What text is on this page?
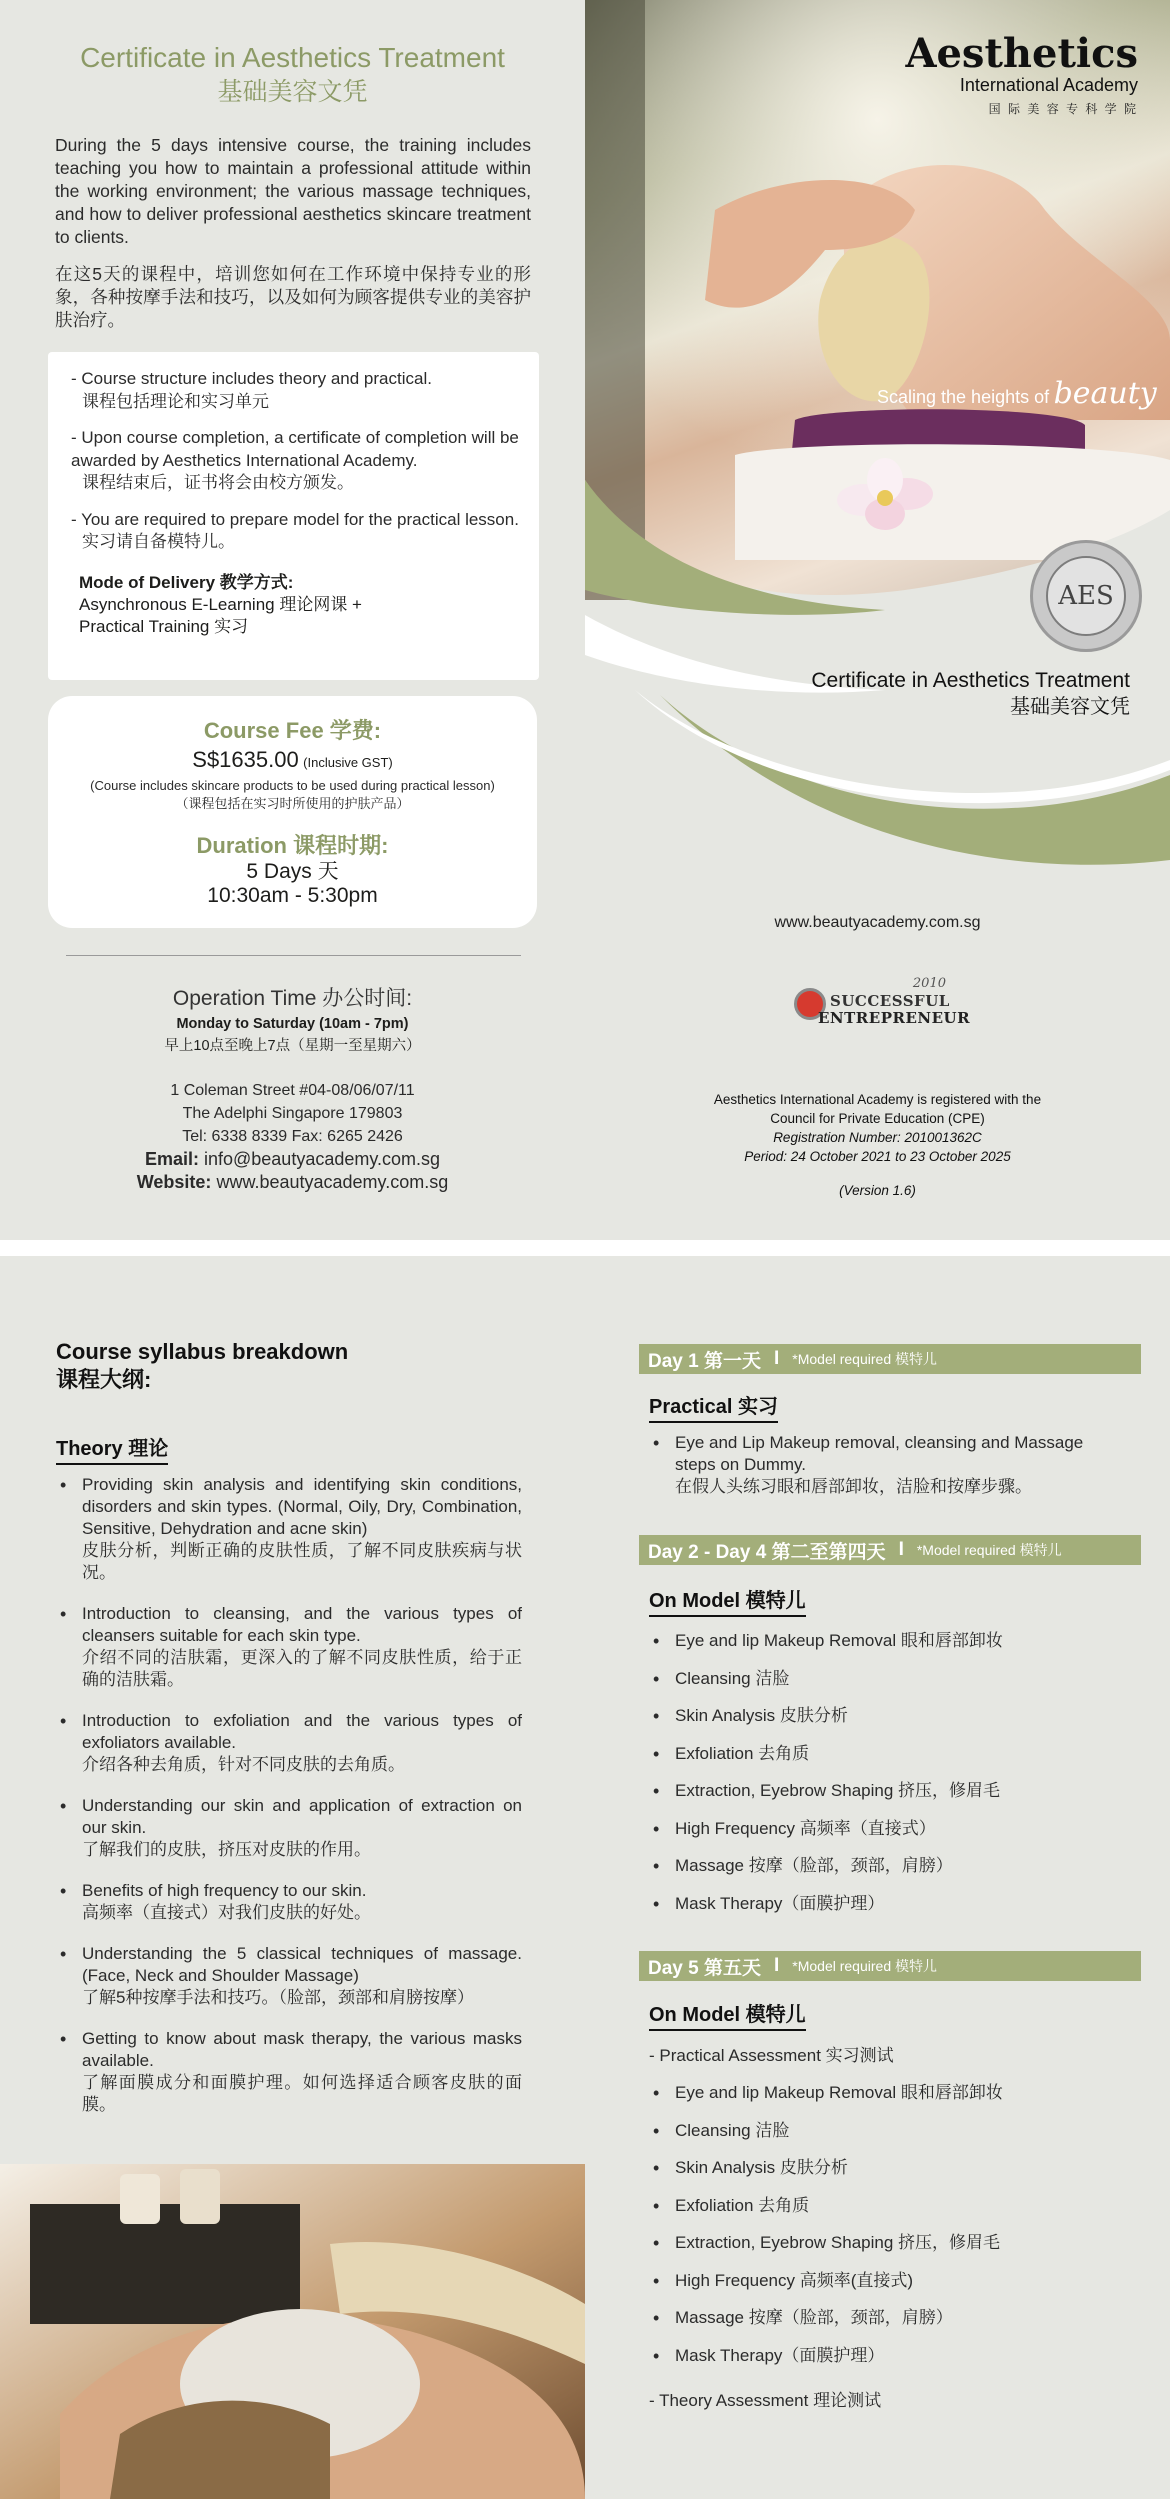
Certificate in Aesthetics Treatment
基础美容文凭
During the 5 days intensive course, the training includes teaching you how to maintain a professional attitude within the working environment; the various massage techniques, and how to deliver professional aesthetics skincare treatment to clients.
在这5天的课程中，培训您如何在工作环境中保持专业的形象，各种按摩手法和技巧，以及如何为顾客提供专业的美容护肤治疗。
- Course structure includes theory and practical.
课程包括理论和实习单元
- Upon course completion, a certificate of completion will be awarded by Aesthetics International Academy.
课程结束后，证书将会由校方颁发。
- You are required to prepare model for the practical lesson.
实习请自备模特儿。
Mode of Delivery 教学方式:
Asynchronous E-Learning 理论网课 +
Practical Training 实习
Course Fee 学费:
S$1635.00 (Inclusive GST)
(Course includes skincare products to be used during practical lesson)
（课程包括在实习时所使用的护肤产品）
Duration 课程时期:
5 Days 天
10:30am - 5:30pm
Operation Time 办公时间:
Monday to Saturday (10am - 7pm)
早上10点至晚上7点（星期一至星期六）
1 Coleman Street #04-08/06/07/11
The Adelphi Singapore 179803
Tel: 6338 8339 Fax: 6265 2426
Email: info@beautyacademy.com.sg
Website: www.beautyacademy.com.sg
Aesthetics
International Academy
国 际 美 容 专 科 学 院
Scaling the heights of beauty
AES
Certificate in Aesthetics Treatment
基础美容文凭
www.beautyacademy.com.sg
2010
SUCCESSFUL
ENTREPRENEUR
Aesthetics International Academy is registered with the
Council for Private Education (CPE)
Registration Number: 201001362C
Period: 24 October 2021 to 23 October 2025
(Version 1.6)
Course syllabus breakdown
课程大纲:
Theory 理论
• Providing skin analysis and identifying skin conditions, disorders and skin types. (Normal, Oily, Dry, Combination, Sensitive, Dehydration and acne skin)
皮肤分析，判断正确的皮肤性质，了解不同皮肤疾病与状况。
• Introduction to cleansing, and the various types of cleansers suitable for each skin type.
介绍不同的洁肤霜，更深入的了解不同皮肤性质，给于正确的洁肤霜。
• Introduction to exfoliation and the various types of exfoliators available.
介绍各种去角质，针对不同皮肤的去角质。
• Understanding our skin and application of extraction on our skin.
了解我们的皮肤，挤压对皮肤的作用。
• Benefits of high frequency to our skin.
高频率（直接式）对我们皮肤的好处。
• Understanding the 5 classical techniques of massage. (Face, Neck and Shoulder Massage)
了解5种按摩手法和技巧。（脸部，颈部和肩膀按摩）
• Getting to know about mask therapy, the various masks available.
了解面膜成分和面膜护理。如何选择适合顾客皮肤的面膜。
Day 1 第一天 I *Model required 模特儿
Practical 实习
• Eye and Lip Makeup removal, cleansing and Massage steps on Dummy.
在假人头练习眼和唇部卸妆，洁脸和按摩步骤。
Day 2 - Day 4 第二至第四天 I *Model required 模特儿
On Model 模特儿
• Eye and lip Makeup Removal 眼和唇部卸妆
• Cleansing 洁脸
• Skin Analysis 皮肤分析
• Exfoliation 去角质
• Extraction, Eyebrow Shaping 挤压，修眉毛
• High Frequency 高频率（直接式）
• Massage 按摩（脸部，颈部，肩膀）
• Mask Therapy（面膜护理）
Day 5 第五天 I *Model required 模特儿
On Model 模特儿
- Practical Assessment 实习测试
• Eye and lip Makeup Removal 眼和唇部卸妆
• Cleansing 洁脸
• Skin Analysis 皮肤分析
• Exfoliation 去角质
• Extraction, Eyebrow Shaping 挤压，修眉毛
• High Frequency 高频率(直接式)
• Massage 按摩（脸部，颈部，肩膀）
• Mask Therapy（面膜护理）
- Theory Assessment 理论测试
